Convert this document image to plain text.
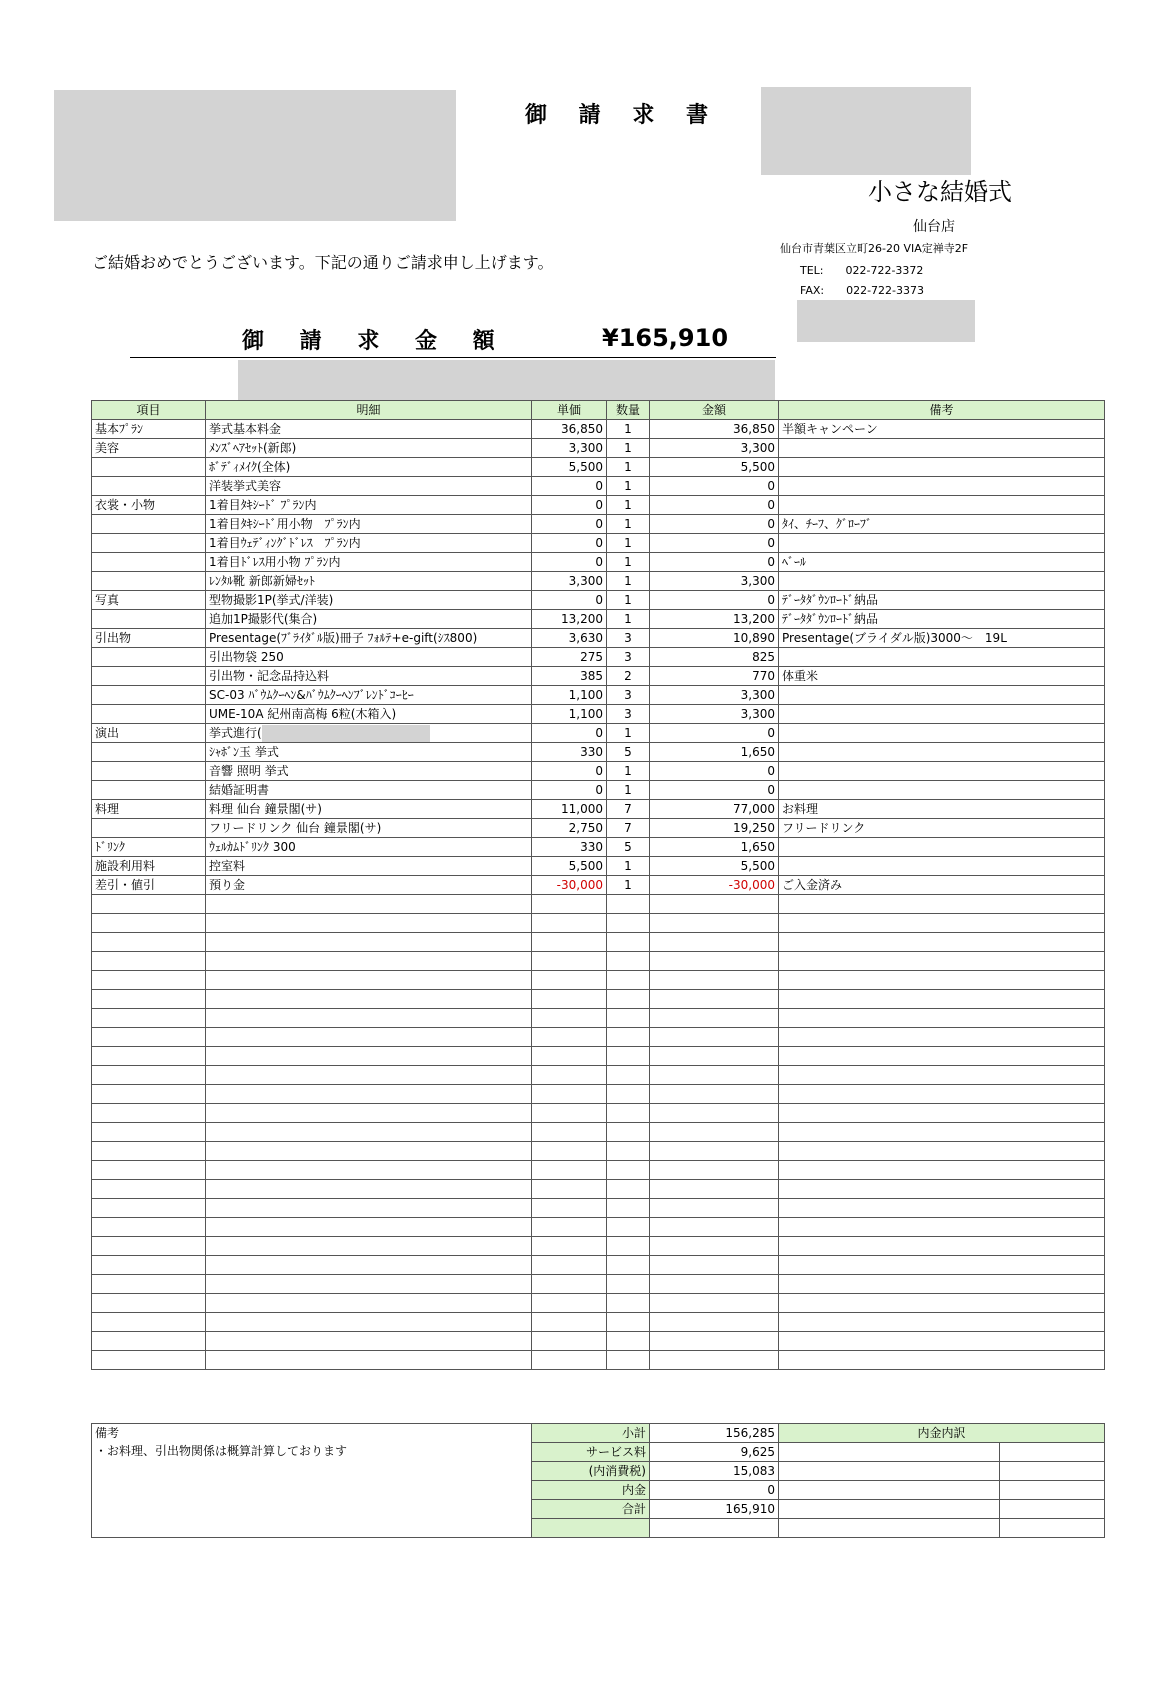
御 請 求 書
ご結婚おめでとうございます。下記の通りご請求申し上げます。
小さな結婚式
仙台店
仙台市青葉区立町26-20 VIA定禅寺2F
TEL:　　022-722-3372
FAX:　　022-722-3373
御 請 求 金 額	¥165,910
項目	明細	単価	数量	金額	備考
基本ﾌﾟﾗﾝ	挙式基本料金	36,850	1	36,850	半額キャンペーン
美容	ﾒﾝｽﾞﾍｱｾｯﾄ(新郎)	3,300	1	3,300	
	ﾎﾞﾃﾞｨﾒｲｸ(全体)	5,500	1	5,500	
	洋装挙式美容	0	1	0	
衣裳・小物	1着目ﾀｷｼｰﾄﾞ ﾌﾟﾗﾝ内	0	1	0	
	1着目ﾀｷｼｰﾄﾞ用小物　ﾌﾟﾗﾝ内	0	1	0	ﾀｲ、ﾁｰﾌ、ｸﾞﾛｰﾌﾞ
	1着目ｳｪﾃﾞｨﾝｸﾞﾄﾞﾚｽ　ﾌﾟﾗﾝ内	0	1	0	
	1着目ﾄﾞﾚｽ用小物 ﾌﾟﾗﾝ内	0	1	0	ﾍﾞｰﾙ
	ﾚﾝﾀﾙ靴 新郎新婦ｾｯﾄ	3,300	1	3,300	
写真	型物撮影1P(挙式/洋装)	0	1	0	ﾃﾞｰﾀﾀﾞｳﾝﾛｰﾄﾞ納品
	追加1P撮影代(集合)	13,200	1	13,200	ﾃﾞｰﾀﾀﾞｳﾝﾛｰﾄﾞ納品
引出物	Presentage(ﾌﾞﾗｲﾀﾞﾙ版)冊子 ﾌｫﾙﾃ+e-gift(ｼｽ800)	3,630	3	10,890	Presentage(ブライダル版)3000～　19L
	引出物袋 250	275	3	825	
	引出物・記念品持込料	385	2	770	体重米
	SC-03 ﾊﾞｳﾑｸｰﾍﾝ&ﾊﾞｳﾑｸｰﾍﾝﾌﾞﾚﾝﾄﾞｺｰﾋｰ	1,100	3	3,300	
	UME-10A 紀州南高梅 6粒(木箱入)	1,100	3	3,300	
演出	挙式進行(	0	1	0	
	ｼｬﾎﾞﾝ玉 挙式	330	5	1,650	
	音響 照明 挙式	0	1	0	
	結婚証明書	0	1	0	
料理	料理 仙台 鐘景閣(サ)	11,000	7	77,000	お料理
	フリードリンク 仙台 鐘景閣(サ)	2,750	7	19,250	フリードリンク
ﾄﾞﾘﾝｸ	ｳｪﾙｶﾑﾄﾞﾘﾝｸ 300	330	5	1,650	
施設利用料	控室料	5,500	1	5,500	
差引・値引	預り金	-30,000	1	-30,000	ご入金済み

備考
・お料理、引出物関係は概算計算しております	小計	156,285	内金内訳	
	サービス料	9,625		
	(内消費税)	15,083		
	内金	0		
	合計	165,910		
